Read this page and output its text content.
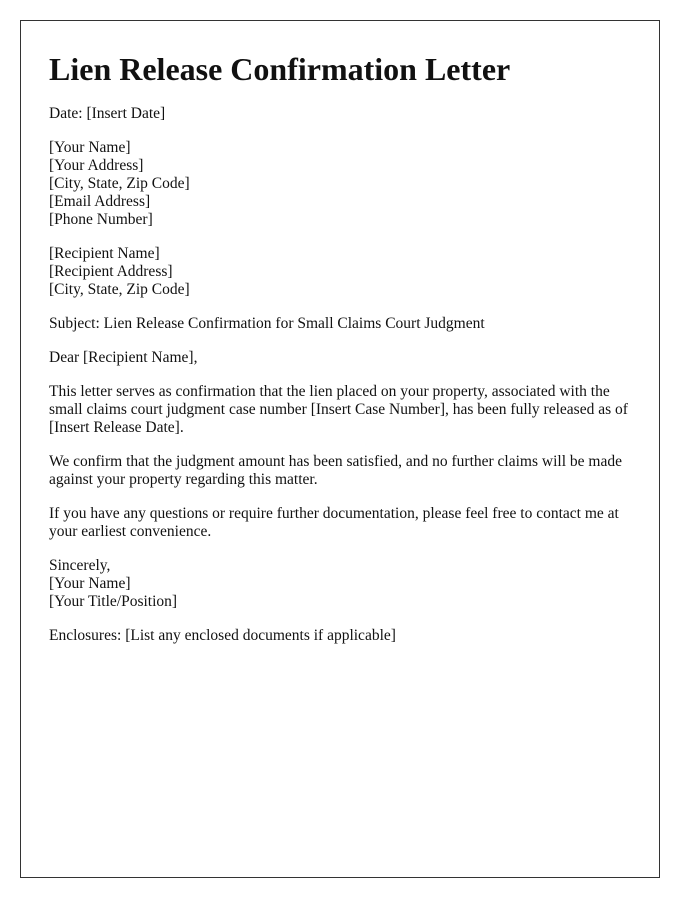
Lien Release Confirmation Letter

Date: [Insert Date]

[Your Name]
[Your Address]
[City, State, Zip Code]
[Email Address]
[Phone Number]

[Recipient Name]
[Recipient Address]
[City, State, Zip Code]

Subject: Lien Release Confirmation for Small Claims Court Judgment

Dear [Recipient Name],

This letter serves as confirmation that the lien placed on your property, associated with the small claims court judgment case number [Insert Case Number], has been fully released as of [Insert Release Date].

We confirm that the judgment amount has been satisfied, and no further claims will be made against your property regarding this matter.

If you have any questions or require further documentation, please feel free to contact me at your earliest convenience.

Sincerely,
[Your Name]
[Your Title/Position]

Enclosures: [List any enclosed documents if applicable]
